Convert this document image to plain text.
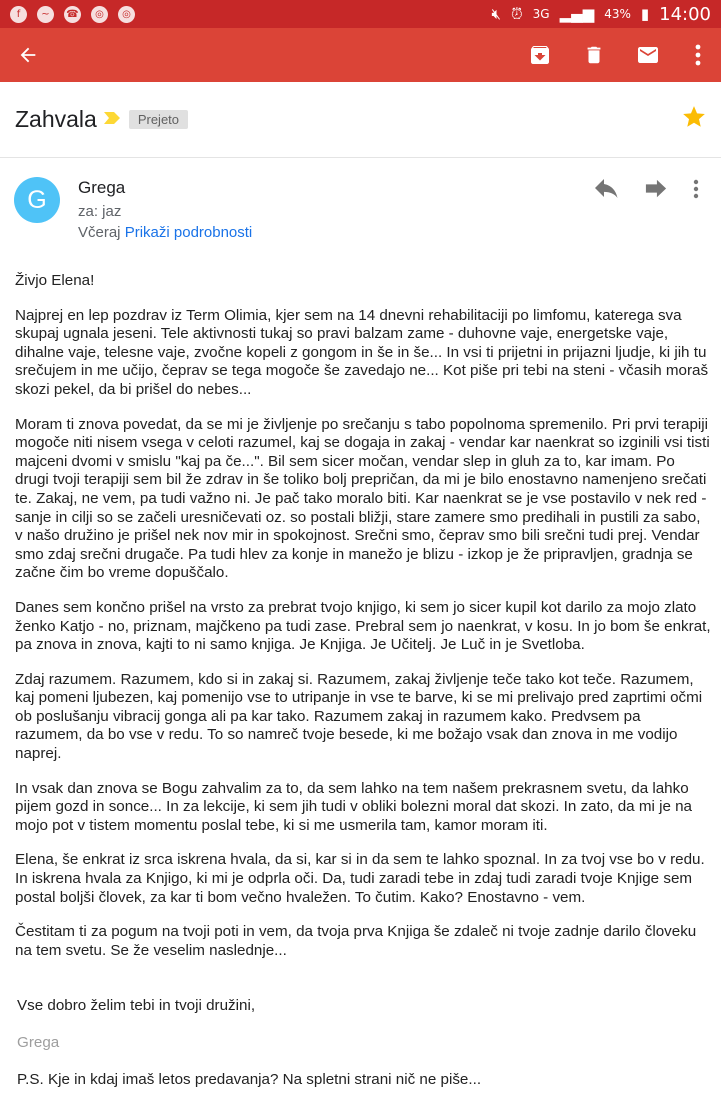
f	~	☎	◎	◎	🔇︎ ⏰︎ 3G ▂▄▆ 43% ▮ 14:00
Zahvala	Prejeto
G	Grega
za: jaz
Včeraj Prikaži podrobnosti

Živjo Elena!

Najprej en lep pozdrav iz Term Olimia, kjer sem na 14 dnevni rehabilitaciji po limfomu, katerega sva skupaj ugnala jeseni. Tele aktivnosti tukaj so pravi balzam zame - duhovne vaje, energetske vaje, dihalne vaje, telesne vaje, zvočne kopeli z gongom in še in še... In vsi ti prijetni in prijazni ljudje, ki jih tu srečujem in me učijo, čeprav se tega mogoče še zavedajo ne... Kot piše pri tebi na steni - včasih moraš skozi pekel, da bi prišel do nebes...

Moram ti znova povedat, da se mi je življenje po srečanju s tabo popolnoma spremenilo. Pri prvi terapiji mogoče niti nisem vsega v celoti razumel, kaj se dogaja in zakaj - vendar kar naenkrat so izginili vsi tisti majceni dvomi v smislu "kaj pa če...". Bil sem sicer močan, vendar slep in gluh za to, kar imam. Po drugi tvoji terapiji sem bil že zdrav in še toliko bolj prepričan, da mi je bilo enostavno namenjeno srečati te. Zakaj, ne vem, pa tudi važno ni. Je pač tako moralo biti. Kar naenkrat se je vse postavilo v nek red - sanje in cilji so se začeli uresničevati oz. so postali bližji, stare zamere smo predihali in pustili za sabo, v našo družino je prišel nek nov mir in spokojnost. Srečni smo, čeprav smo bili srečni tudi prej. Vendar smo zdaj srečni drugače. Pa tudi hlev za konje in manežo je blizu - izkop je že pripravljen, gradnja se začne čim bo vreme dopuščalo.

Danes sem končno prišel na vrsto za prebrat tvojo knjigo, ki sem jo sicer kupil kot darilo za mojo zlato ženko Katjo - no, priznam, majčkeno pa tudi zase. Prebral sem jo naenkrat, v kosu. In jo bom še enkrat, pa znova in znova, kajti to ni samo knjiga. Je Knjiga. Je Učitelj. Je Luč in je Svetloba.

Zdaj razumem. Razumem, kdo si in zakaj si. Razumem, zakaj življenje teče tako kot teče. Razumem, kaj pomeni ljubezen, kaj pomenijo vse to utripanje in vse te barve, ki se mi prelivajo pred zaprtimi očmi ob poslušanju vibracij gonga ali pa kar tako. Razumem zakaj in razumem kako. Predvsem pa razumem, da bo vse v redu. To so namreč tvoje besede, ki me božajo vsak dan znova in me vodijo naprej.

In vsak dan znova se Bogu zahvalim za to, da sem lahko na tem našem prekrasnem svetu, da lahko pijem gozd in sonce... In za lekcije, ki sem jih tudi v obliki bolezni moral dat skozi. In zato, da mi je na mojo pot v tistem momentu poslal tebe, ki si me usmerila tam, kamor moram iti.

Elena, še enkrat iz srca iskrena hvala, da si, kar si in da sem te lahko spoznal. In za tvoj vse bo v redu.
In iskrena hvala za Knjigo, ki mi je odprla oči. Da, tudi zaradi tebe in zdaj tudi zaradi tvoje Knjige sem postal boljši človek, za kar ti bom večno hvaležen. To čutim. Kako? Enostavno - vem.

Čestitam ti za pogum na tvoji poti in vem, da tvoja prva Knjiga še zdaleč ni tvoje zadnje darilo človeku na tem svetu. Se že veselim naslednje...

Vse dobro želim tebi in tvoji družini,
Grega
P.S. Kje in kdaj imaš letos predavanja? Na spletni strani nič ne piše...
